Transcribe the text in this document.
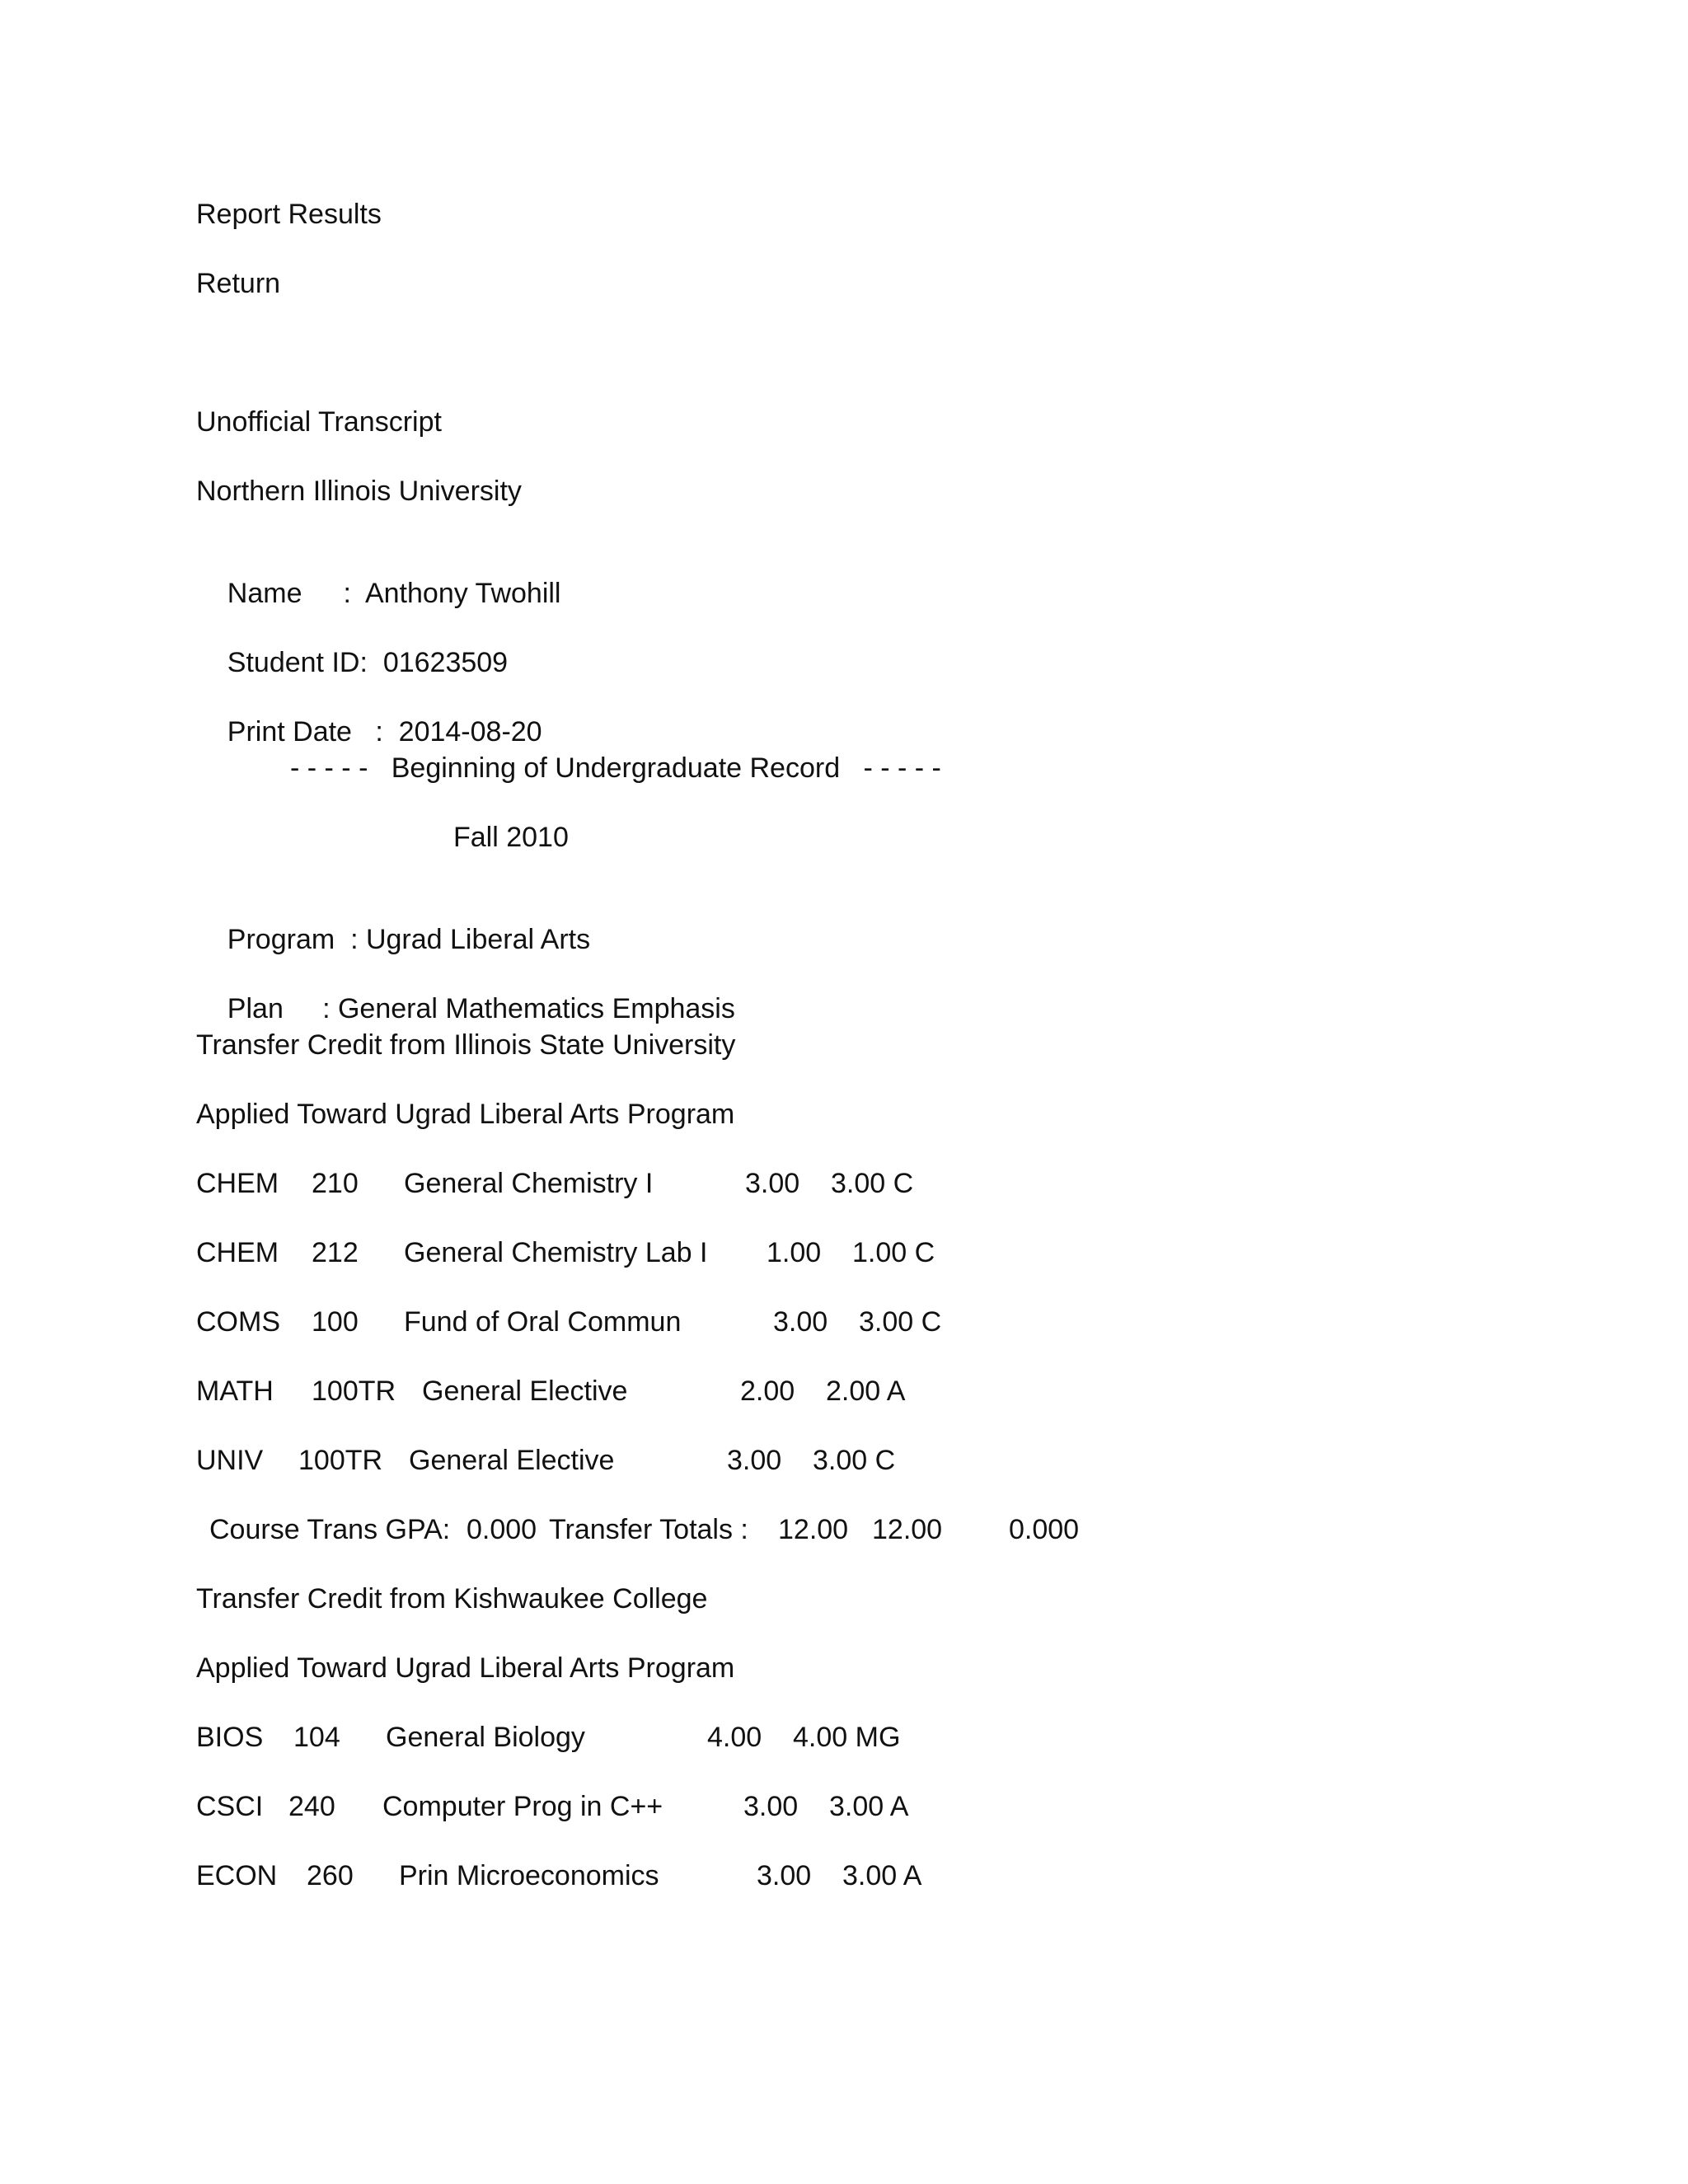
Report Results
Return
Unofficial Transcript
Northern Illinois University

Name :  Anthony Twohill

Student ID: 01623509

Print Date   :  2014-08-20

- - - - -   Beginning of Undergraduate Record   - - - - -
Fall 2010

Program  : Ugrad Liberal Arts

Plan     : General Mathematics Emphasis

Transfer Credit from Illinois State University
Applied Toward Ugrad Liberal Arts Program
CHEM 210 General Chemistry I	3.00 3.00 C
CHEM 212 General Chemistry Lab I 1.00 1.00 C
COMS 100 Fund of Oral Commun	3.00 3.00 C
MATH 100TR General Elective	2.00 2.00 A
UNIV 100TR General Elective	3.00 3.00 C
Course Trans GPA: 0.000 Transfer Totals : 12.00 12.00 0.000
Transfer Credit from Kishwaukee College
Applied Toward Ugrad Liberal Arts Program
BIOS 104 General Biology	4.00 4.00 MG
CSCI 240 Computer Prog in C++	3.00 3.00 A
ECON 260 Prin Microeconomics	3.00 3.00 A
